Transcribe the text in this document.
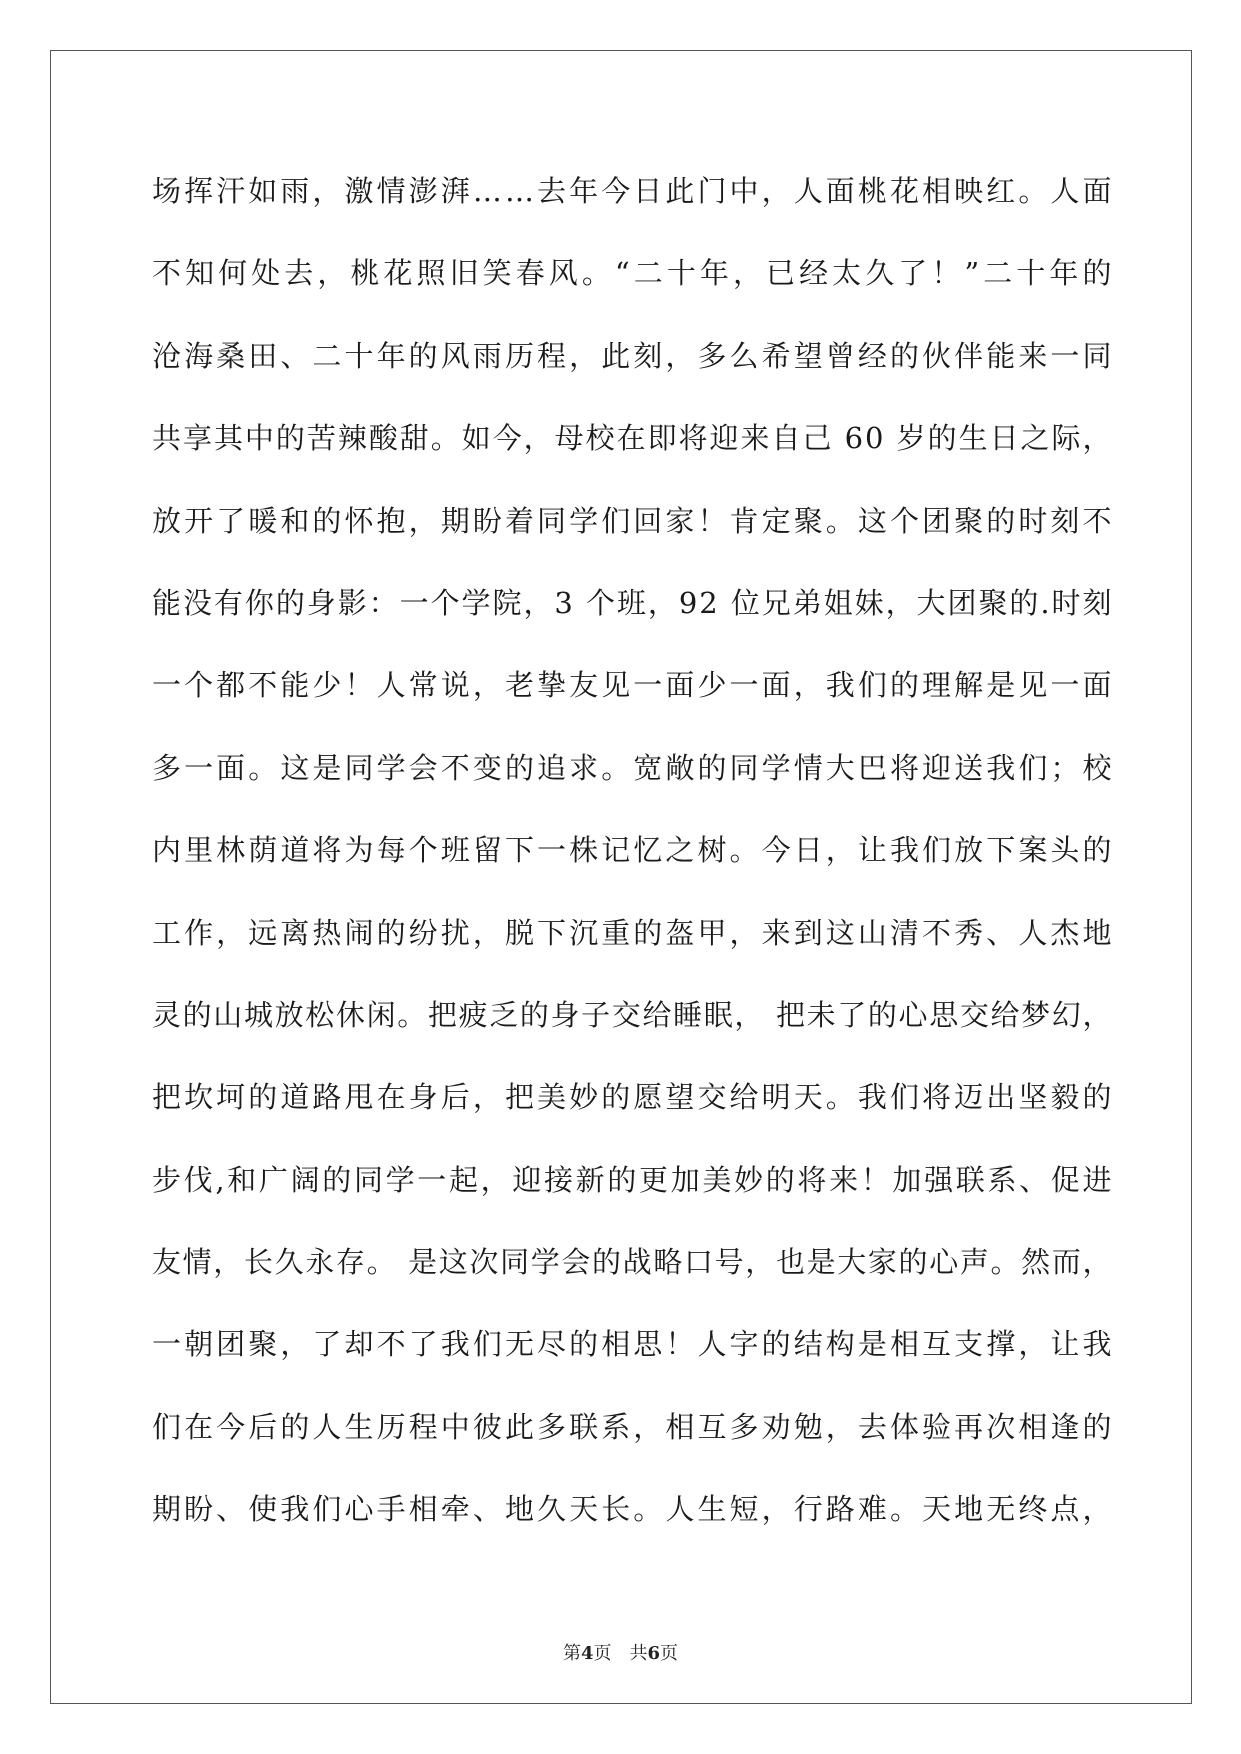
场挥汗如雨，激情澎湃……去年今日此门中，人面桃花相映红。人面
不知何处去，桃花照旧笑春风。“二十年，已经太久了！”二十年的
沧海桑田、二十年的风雨历程，此刻，多么希望曾经的伙伴能来一同
共享其中的苦辣酸甜。如今，母校在即将迎来自己 60 岁的生日之际，
放开了暖和的怀抱，期盼着同学们回家！肯定聚。这个团聚的时刻不
能没有你的身影：一个学院，3 个班，92 位兄弟姐妹，大团聚的.时刻
一个都不能少！人常说，老挚友见一面少一面，我们的理解是见一面
多一面。这是同学会不变的追求。宽敞的同学情大巴将迎送我们；校
内里林荫道将为每个班留下一株记忆之树。今日，让我们放下案头的
工作，远离热闹的纷扰，脱下沉重的盔甲，来到这山清不秀、人杰地
灵的山城放松休闲。把疲乏的身子交给睡眠， 把未了的心思交给梦幻，
把坎坷的道路甩在身后，把美妙的愿望交给明天。我们将迈出坚毅的
步伐,和广阔的同学一起，迎接新的更加美妙的将来！加强联系、促进
友情，长久永存。 是这次同学会的战略口号，也是大家的心声。然而，
一朝团聚，了却不了我们无尽的相思！人字的结构是相互支撑，让我
们在今后的人生历程中彼此多联系，相互多劝勉，去体验再次相逢的
期盼、使我们心手相牵、地久天长。人生短，行路难。天地无终点，
第4页　共6页
